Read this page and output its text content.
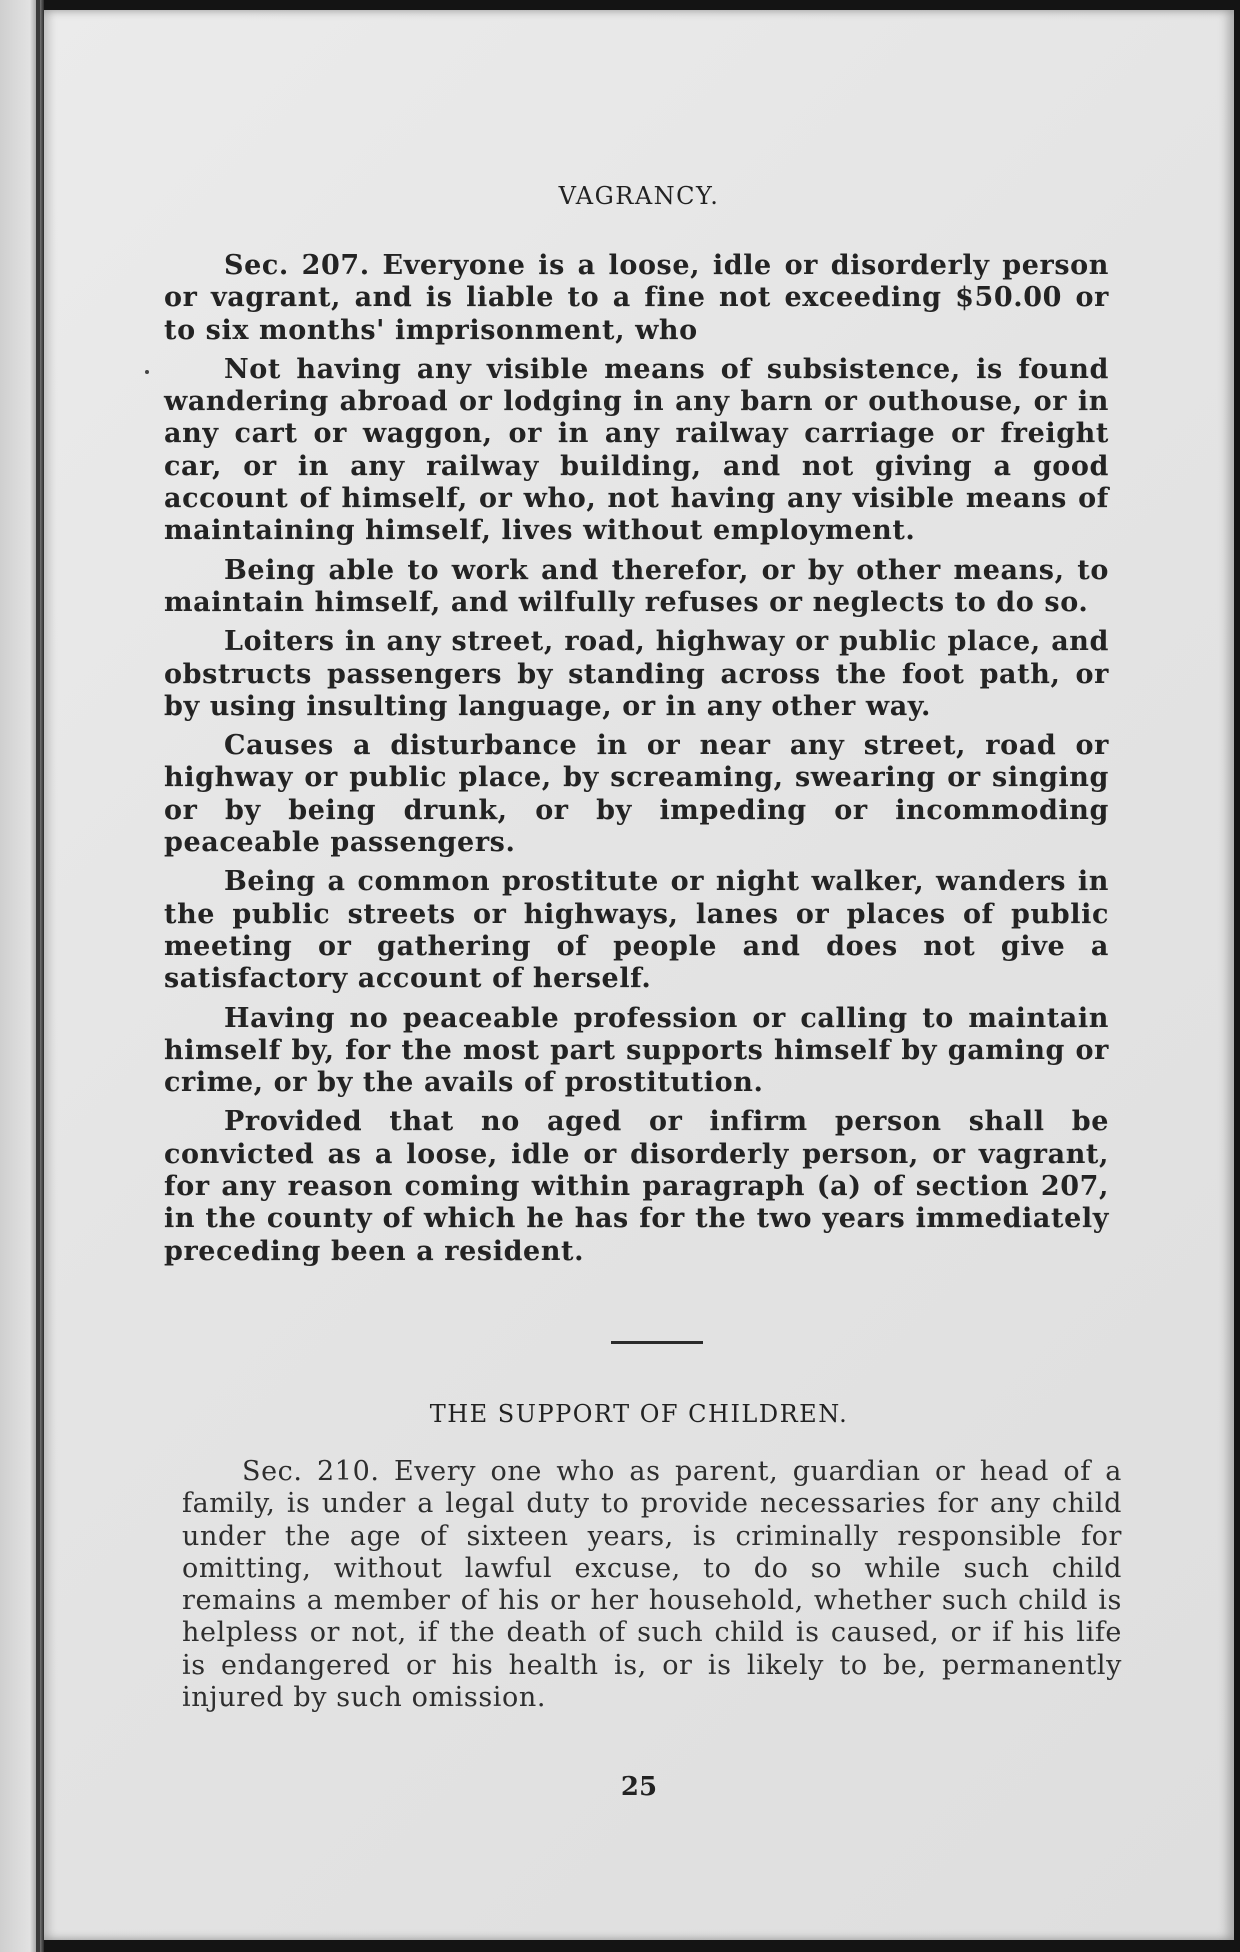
VAGRANCY.

Sec. 207. Everyone is a loose, idle or disorderly person or vagrant, and is liable to a fine not exceeding $50.00 or to six months' imprisonment, who

Not having any visible means of subsistence, is found wandering abroad or lodging in any barn or outhouse, or in any cart or waggon, or in any railway carriage or freight car, or in any railway building, and not giving a good account of himself, or who, not having any visible means of maintaining himself, lives without employment.

Being able to work and therefor, or by other means, to maintain himself, and wilfully refuses or neglects to do so.

Loiters in any street, road, highway or public place, and obstructs passengers by standing across the foot path, or by using insulting language, or in any other way.

Causes a disturbance in or near any street, road or highway or public place, by screaming, swearing or singing or by being drunk, or by impeding or incommoding peaceable passengers.

Being a common prostitute or night walker, wanders in the public streets or highways, lanes or places of public meeting or gathering of people and does not give a satisfactory account of herself.

Having no peaceable profession or calling to maintain himself by, for the most part supports himself by gaming or crime, or by the avails of prostitution.

Provided that no aged or infirm person shall be convicted as a loose, idle or disorderly person, or vagrant, for any reason coming within paragraph (a) of section 207, in the county of which he has for the two years immediately preceding been a resident.

THE SUPPORT OF CHILDREN.

Sec. 210. Every one who as parent, guardian or head of a family, is under a legal duty to provide necessaries for any child under the age of sixteen years, is criminally responsible for omitting, without lawful excuse, to do so while such child remains a member of his or her household, whether such child is helpless or not, if the death of such child is caused, or if his life is endangered or his health is, or is likely to be, permanently injured by such omission.

25
